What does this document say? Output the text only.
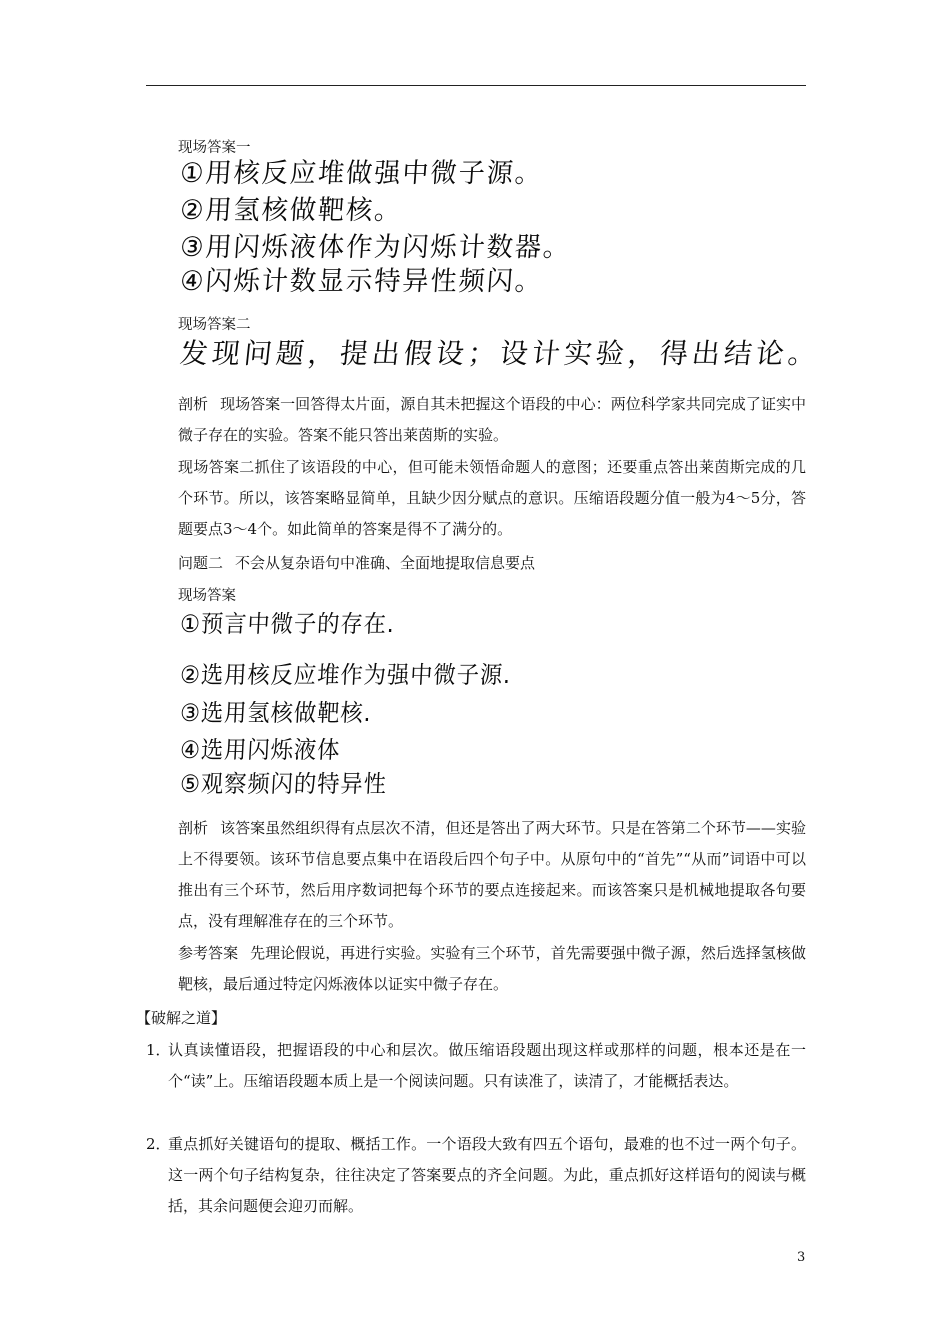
现场答案一
①用核反应堆做强中微子源。
②用氢核做靶核。
③用闪烁液体作为闪烁计数器。
④闪烁计数显示特异性频闪。
现场答案二
发现问题，提出假设；设计实验，得出结论。
剖析 现场答案一回答得太片面，源自其未把握这个语段的中心：两位科学家共同完成了证实中微子存在的实验。答案不能只答出莱茵斯的实验。
现场答案二抓住了该语段的中心，但可能未领悟命题人的意图；还要重点答出莱茵斯完成的几个环节。所以，该答案略显简单，且缺少因分赋点的意识。压缩语段题分值一般为4～5分，答题要点3～4个。如此简单的答案是得不了满分的。
问题二 不会从复杂语句中准确、全面地提取信息要点
现场答案
①预言中微子的存在.
②选用核反应堆作为强中微子源.
③选用氢核做靶核.
④选用闪烁液体
⑤观察频闪的特异性
剖析 该答案虽然组织得有点层次不清，但还是答出了两大环节。只是在答第二个环节——实验上不得要领。该环节信息要点集中在语段后四个句子中。从原句中的“首先”“从而”词语中可以推出有三个环节，然后用序数词把每个环节的要点连接起来。而该答案只是机械地提取各句要点，没有理解准存在的三个环节。
参考答案 先理论假说，再进行实验。实验有三个环节，首先需要强中微子源，然后选择氢核做靶核，最后通过特定闪烁液体以证实中微子存在。
【破解之道】
1．
认真读懂语段，把握语段的中心和层次。做压缩语段题出现这样或那样的问题，根本还是在一个“读”上。压缩语段题本质上是一个阅读问题。只有读准了，读清了，才能概括表达。
2．
重点抓好关键语句的提取、概括工作。一个语段大致有四五个语句，最难的也不过一两个句子。这一两个句子结构复杂，往往决定了答案要点的齐全问题。为此，重点抓好这样语句的阅读与概括，其余问题便会迎刃而解。
3
